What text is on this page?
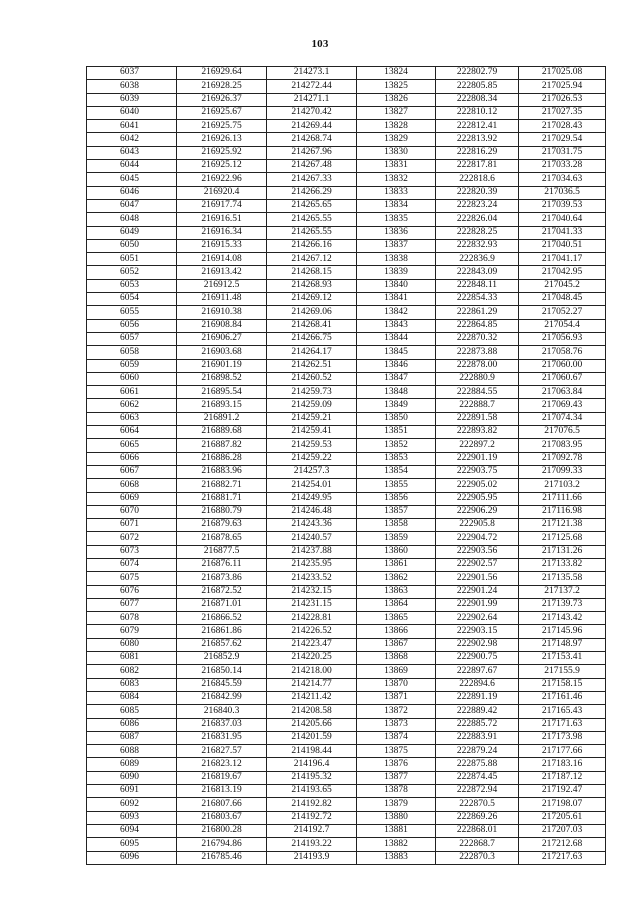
103
6037	216929.64	214273.1	13824	222802.79	217025.08
6038	216928.25	214272.44	13825	222805.85	217025.94
6039	216926.37	214271.1	13826	222808.34	217026.53
6040	216925.67	214270.42	13827	222810.12	217027.35
6041	216925.75	214269.44	13828	222812.41	217028.43
6042	216926.13	214268.74	13829	222813.92	217029.54
6043	216925.92	214267.96	13830	222816.29	217031.75
6044	216925.12	214267.48	13831	222817.81	217033.28
6045	216922.96	214267.33	13832	222818.6	217034.63
6046	216920.4	214266.29	13833	222820.39	217036.5
6047	216917.74	214265.65	13834	222823.24	217039.53
6048	216916.51	214265.55	13835	222826.04	217040.64
6049	216916.34	214265.55	13836	222828.25	217041.33
6050	216915.33	214266.16	13837	222832.93	217040.51
6051	216914.08	214267.12	13838	222836.9	217041.17
6052	216913.42	214268.15	13839	222843.09	217042.95
6053	216912.5	214268.93	13840	222848.11	217045.2
6054	216911.48	214269.12	13841	222854.33	217048.45
6055	216910.38	214269.06	13842	222861.29	217052.27
6056	216908.84	214268.41	13843	222864.85	217054.4
6057	216906.27	214266.75	13844	222870.32	217056.93
6058	216903.68	214264.17	13845	222873.88	217058.76
6059	216901.19	214262.51	13846	222878.00	217060.00
6060	216898.52	214260.52	13847	222880.9	217060.67
6061	216895.54	214259.73	13848	222884.55	217063.84
6062	216893.15	214259.09	13849	222888.7	217069.43
6063	216891.2	214259.21	13850	222891.58	217074.34
6064	216889.68	214259.41	13851	222893.82	217076.5
6065	216887.82	214259.53	13852	222897.2	217083.95
6066	216886.28	214259.22	13853	222901.19	217092.78
6067	216883.96	214257.3	13854	222903.75	217099.33
6068	216882.71	214254.01	13855	222905.02	217103.2
6069	216881.71	214249.95	13856	222905.95	217111.66
6070	216880.79	214246.48	13857	222906.29	217116.98
6071	216879.63	214243.36	13858	222905.8	217121.38
6072	216878.65	214240.57	13859	222904.72	217125.68
6073	216877.5	214237.88	13860	222903.56	217131.26
6074	216876.11	214235.95	13861	222902.57	217133.82
6075	216873.86	214233.52	13862	222901.56	217135.58
6076	216872.52	214232.15	13863	222901.24	217137.2
6077	216871.01	214231.15	13864	222901.99	217139.73
6078	216866.52	214228.81	13865	222902.64	217143.42
6079	216861.86	214226.52	13866	222903.15	217145.96
6080	216857.62	214223.47	13867	222902.98	217148.97
6081	216852.9	214220.25	13868	222900.75	217153.41
6082	216850.14	214218.00	13869	222897.67	217155.9
6083	216845.59	214214.77	13870	222894.6	217158.15
6084	216842.99	214211.42	13871	222891.19	217161.46
6085	216840.3	214208.58	13872	222889.42	217165.43
6086	216837.03	214205.66	13873	222885.72	217171.63
6087	216831.95	214201.59	13874	222883.91	217173.98
6088	216827.57	214198.44	13875	222879.24	217177.66
6089	216823.12	214196.4	13876	222875.88	217183.16
6090	216819.67	214195.32	13877	222874.45	217187.12
6091	216813.19	214193.65	13878	222872.94	217192.47
6092	216807.66	214192.82	13879	222870.5	217198.07
6093	216803.67	214192.72	13880	222869.26	217205.61
6094	216800.28	214192.7	13881	222868.01	217207.03
6095	216794.86	214193.22	13882	222868.7	217212.68
6096	216785.46	214193.9	13883	222870.3	217217.63
